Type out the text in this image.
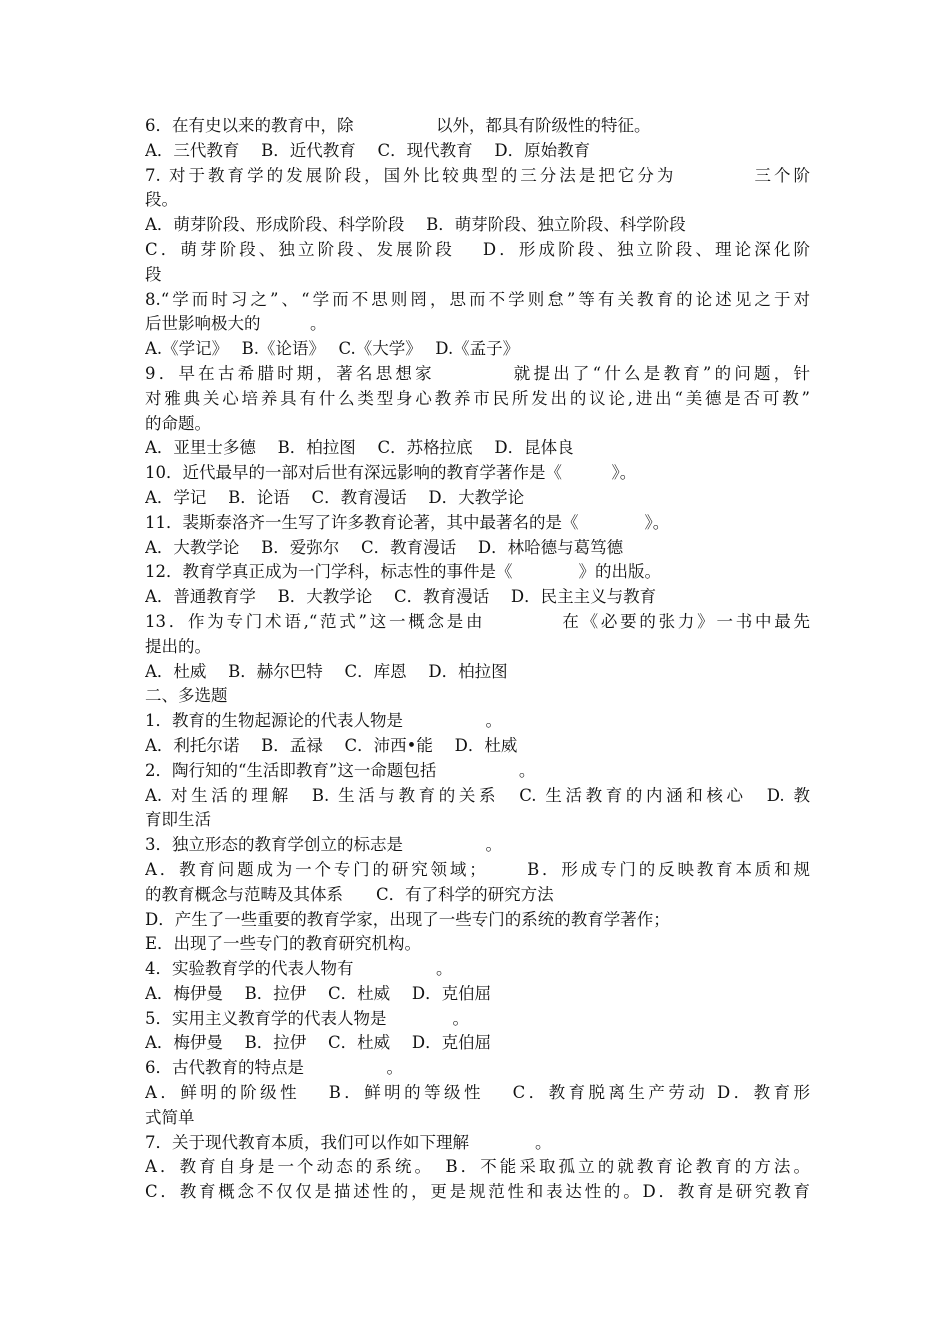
6．在有史以来的教育中，除　　　　　以外，都具有阶级性的特征。
A．三代教育　 B．近代教育　 C．现代教育　 D．原始教育
7. 对于教育学的发展阶段，国外比较典型的三分法是把它分为　　　　三个阶
段。
A．萌芽阶段、形成阶段、科学阶段　 B．萌芽阶段、独立阶段、科学阶段
C．萌芽阶段、独立阶段、发展阶段　 D．形成阶段、独立阶段、理论深化阶
段
8.“学而时习之”、“学而不思则罔，思而不学则怠”等有关教育的论述见之于对
后世影响极大的　　　。
A.《学记》　 B.《论语》　 C.《大学》　 D.《孟子》
9．早在古希腊时期，著名思想家　　　　就提出了“什么是教育”的问题，针
对雅典关心培养具有什么类型身心教养市民所发出的议论,进出“美德是否可教”
的命题。
A．亚里士多德　 B．柏拉图　 C．苏格拉底　 D．昆体良
10．近代最早的一部对后世有深远影响的教育学著作是《　　　》。
A．学记　 B．论语　 C．教育漫话　 D．大教学论
11．裴斯泰洛齐一生写了许多教育论著，其中最著名的是《　　　　》。
A．大教学论　 B．爱弥尔　 C．教育漫话　 D．林哈德与葛笃德
12．教育学真正成为一门学科，标志性的事件是《　　　　》的出版。
A．普通教育学　 B．大教学论　 C．教育漫话　 D．民主主义与教育
13．作为专门术语,“范式”这一概念是由　　　　在《必要的张力》一书中最先
提出的。
A．杜威　 B．赫尔巴特　 C．库恩　 D．柏拉图
二、多选题
1．教育的生物起源论的代表人物是　　　　　。
A．利托尔诺　 B．孟禄　 C．沛西•能　 D．杜威
2．陶行知的“生活即教育”这一命题包括　　　　　。
A. 对生活的理解　B. 生活与教育的关系　C. 生活教育的内涵和核心　D. 教
育即生活
3．独立形态的教育学创立的标志是　　　　　。
A．教育问题成为一个专门的研究领域；　　 B．形成专门的反映教育本质和规
的教育概念与范畴及其体系　　C．有了科学的研究方法
D．产生了一些重要的教育学家，出现了一些专门的系统的教育学著作；
E．出现了一些专门的教育研究机构。
4．实验教育学的代表人物有　　　　　。
A．梅伊曼　 B．拉伊　 C．杜威　 D．克伯屈
5．实用主义教育学的代表人物是　　　　。
A．梅伊曼　 B．拉伊　 C．杜威　 D．克伯屈
6．古代教育的特点是　　　　　。
A．鲜明的阶级性　 B．鲜明的等级性　 C．教育脱离生产劳动 D．教育形
式简单
7．关于现代教育本质，我们可以作如下理解　　　　。
A．教育自身是一个动态的系统。　B．不能采取孤立的就教育论教育的方法。
C．教育概念不仅仅是描述性的，更是规范性和表达性的。D．教育是研究教育
